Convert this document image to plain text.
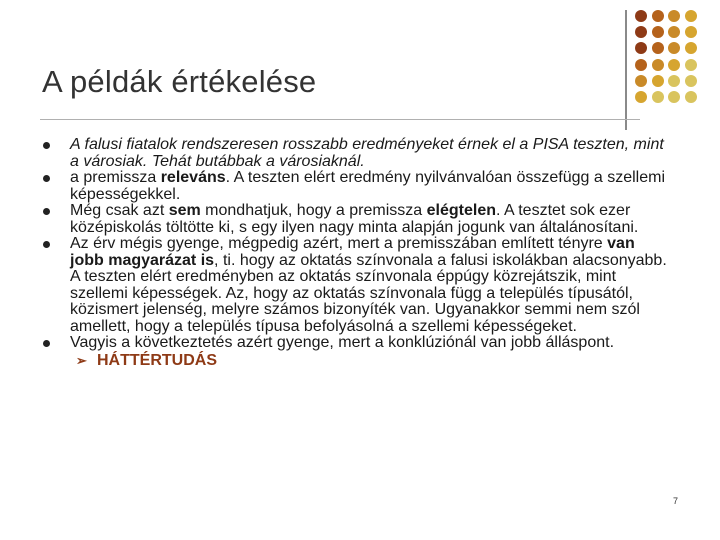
A példák értékelése
A falusi fiatalok rendszeresen rosszabb eredményeket érnek el a PISA teszten, mint a városiak. Tehát butábbak a városiaknál.
a premissza releváns. A teszten elért eredmény nyilvánvalóan összefügg a szellemi képességekkel.
Még csak azt sem mondhatjuk, hogy a premissza elégtelen. A tesztet sok ezer középiskolás töltötte ki, s egy ilyen nagy minta alapján jogunk van általánosítani.
Az érv mégis gyenge, mégpedig azért, mert a premisszában említett tényre van jobb magyarázat is, ti. hogy az oktatás színvonala a falusi iskolákban alacsonyabb. A teszten elért eredményben az oktatás színvonala éppúgy közrejátszik, mint szellemi képességek. Az, hogy az oktatás színvonala függ a település típusától, közismert jelenség, melyre számos bizonyíték van. Ugyanakkor semmi nem szól amellett, hogy a település típusa befolyásolná a szellemi képességeket.
Vagyis a következtetés azért gyenge, mert a konklúziónál van jobb álláspont.
➢ HÁTTÉRTUDÁS
7
